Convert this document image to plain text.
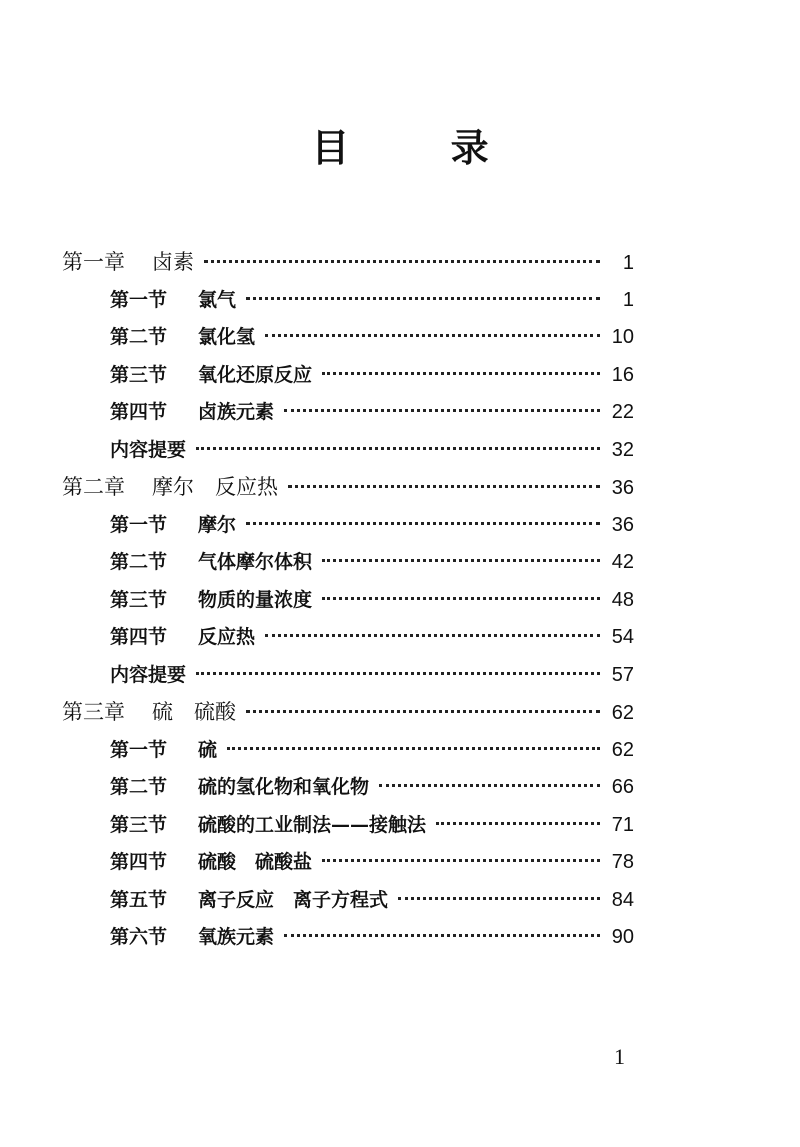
目 录
第一章	卤素	1
第一节	氯气	1
第二节	氯化氢	10
第三节	氧化还原反应	16
第四节	卤族元素	22
内容提要	32
第二章	摩尔　反应热	36
第一节	摩尔	36
第二节	气体摩尔体积	42
第三节	物质的量浓度	48
第四节	反应热	54
内容提要	57
第三章	硫　硫酸	62
第一节	硫	62
第二节	硫的氢化物和氧化物	66
第三节	硫酸的工业制法——接触法	71
第四节	硫酸　硫酸盐	78
第五节	离子反应　离子方程式	84
第六节	氧族元素	90
1
